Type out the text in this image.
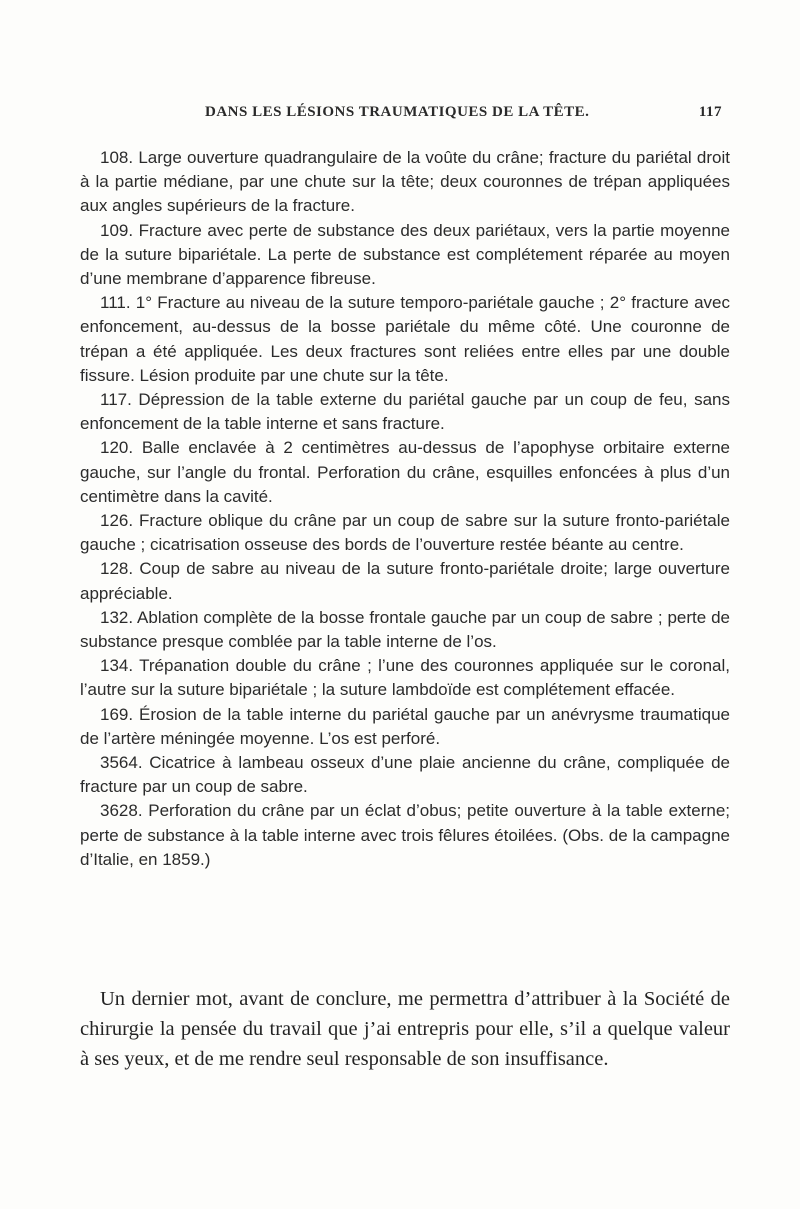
DANS LES LÉSIONS TRAUMATIQUES DE LA TÊTE.	117

108. Large ouverture quadrangulaire de la voûte du crâne; fracture du pariétal droit à la partie médiane, par une chute sur la tête; deux couronnes de trépan appliquées aux angles supérieurs de la fracture.

109. Fracture avec perte de substance des deux pariétaux, vers la partie moyenne de la suture bipariétale. La perte de substance est complétement réparée au moyen d’une membrane d’apparence fibreuse.

111. 1° Fracture au niveau de la suture temporo-pariétale gauche ; 2° fracture avec enfoncement, au-dessus de la bosse pariétale du même côté. Une couronne de trépan a été appliquée. Les deux fractures sont reliées entre elles par une double fissure. Lésion produite par une chute sur la tête.

117. Dépression de la table externe du pariétal gauche par un coup de feu, sans enfoncement de la table interne et sans fracture.

120. Balle enclavée à 2 centimètres au-dessus de l’apophyse orbitaire externe gauche, sur l’angle du frontal. Perforation du crâne, esquilles enfoncées à plus d’un centimètre dans la cavité.

126. Fracture oblique du crâne par un coup de sabre sur la suture fronto-pariétale gauche ; cicatrisation osseuse des bords de l’ouverture restée béante au centre.

128. Coup de sabre au niveau de la suture fronto-pariétale droite; large ouverture appréciable.

132. Ablation complète de la bosse frontale gauche par un coup de sabre ; perte de substance presque comblée par la table interne de l’os.

134. Trépanation double du crâne ; l’une des couronnes appliquée sur le coronal, l’autre sur la suture bipariétale ; la suture lambdoïde est complétement effacée.

169. Érosion de la table interne du pariétal gauche par un anévrysme traumatique de l’artère méningée moyenne. L’os est perforé.

3564. Cicatrice à lambeau osseux d’une plaie ancienne du crâne, compliquée de fracture par un coup de sabre.

3628. Perforation du crâne par un éclat d’obus; petite ouverture à la table externe; perte de substance à la table interne avec trois fêlures étoilées. (Obs. de la campagne d’Italie, en 1859.)

Un dernier mot, avant de conclure, me permettra d’attribuer à la Société de chirurgie la pensée du travail que j’ai entrepris pour elle, s’il a quelque valeur à ses yeux, et de me rendre seul responsable de son insuffisance.
